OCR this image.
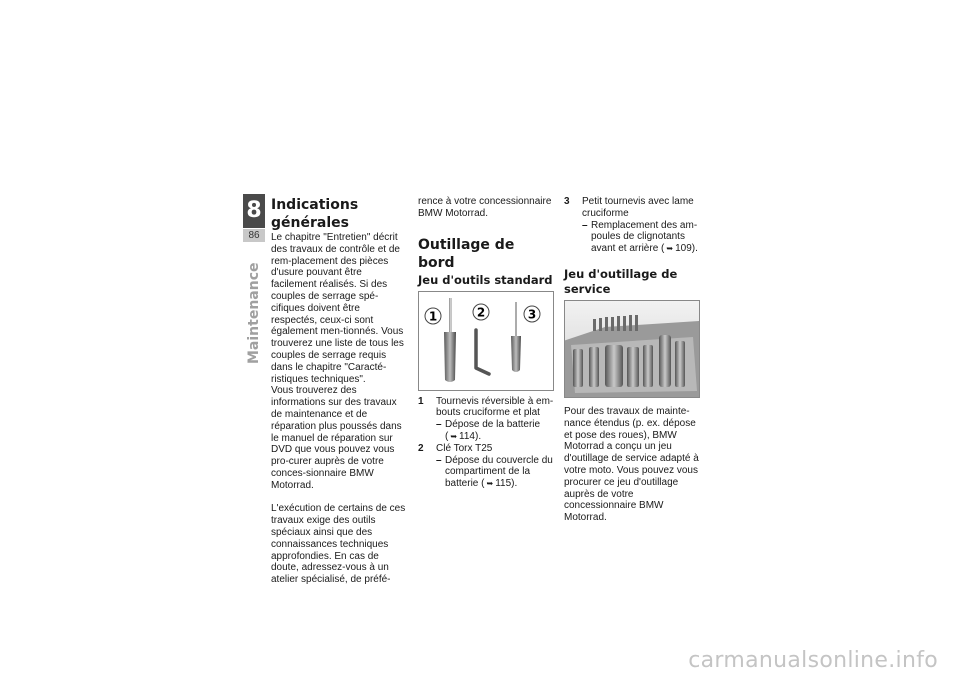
8
86
Maintenance
Indications générales

Le chapitre "Entretien" décrit des travaux de contrôle et de rem-placement des pièces d'usure pouvant être facilement réalisés. Si des couples de serrage spé-cifiques doivent être respectés, ceux-ci sont également men-tionnés. Vous trouverez une liste de tous les couples de serrage requis dans le chapitre "Caracté-ristiques techniques".

Vous trouverez des informations sur des travaux de maintenance et de réparation plus poussés dans le manuel de réparation sur DVD que vous pouvez vous pro-curer auprès de votre conces-sionnaire BMW Motorrad.

L'exécution de certains de ces travaux exige des outils spéciaux ainsi que des connaissances techniques approfondies. En cas de doute, adressez-vous à un atelier spécialisé, de préfé-

rence à votre concessionnaire BMW Motorrad.

Outillage de bord
Jeu d'outils standard
1	2	3
1 Tournevis réversible à em-bouts cruciforme et plat
– Dépose de la batterie
( ➥ 114).
2 Clé Torx T25
– Dépose du couvercle du compartiment de la batterie ( ➥ 115).
3 Petit tournevis avec lame cruciforme
– Remplacement des am-poules de clignotants avant et arrière ( ➥ 109).
Jeu d'outillage de service

Pour des travaux de mainte-nance étendus (p. ex. dépose et pose des roues), BMW Motorrad a conçu un jeu d'outillage de service adapté à votre moto. Vous pouvez vous procurer ce jeu d'outillage auprès de votre concessionnaire BMW Motorrad.

carmanualsonline.info
